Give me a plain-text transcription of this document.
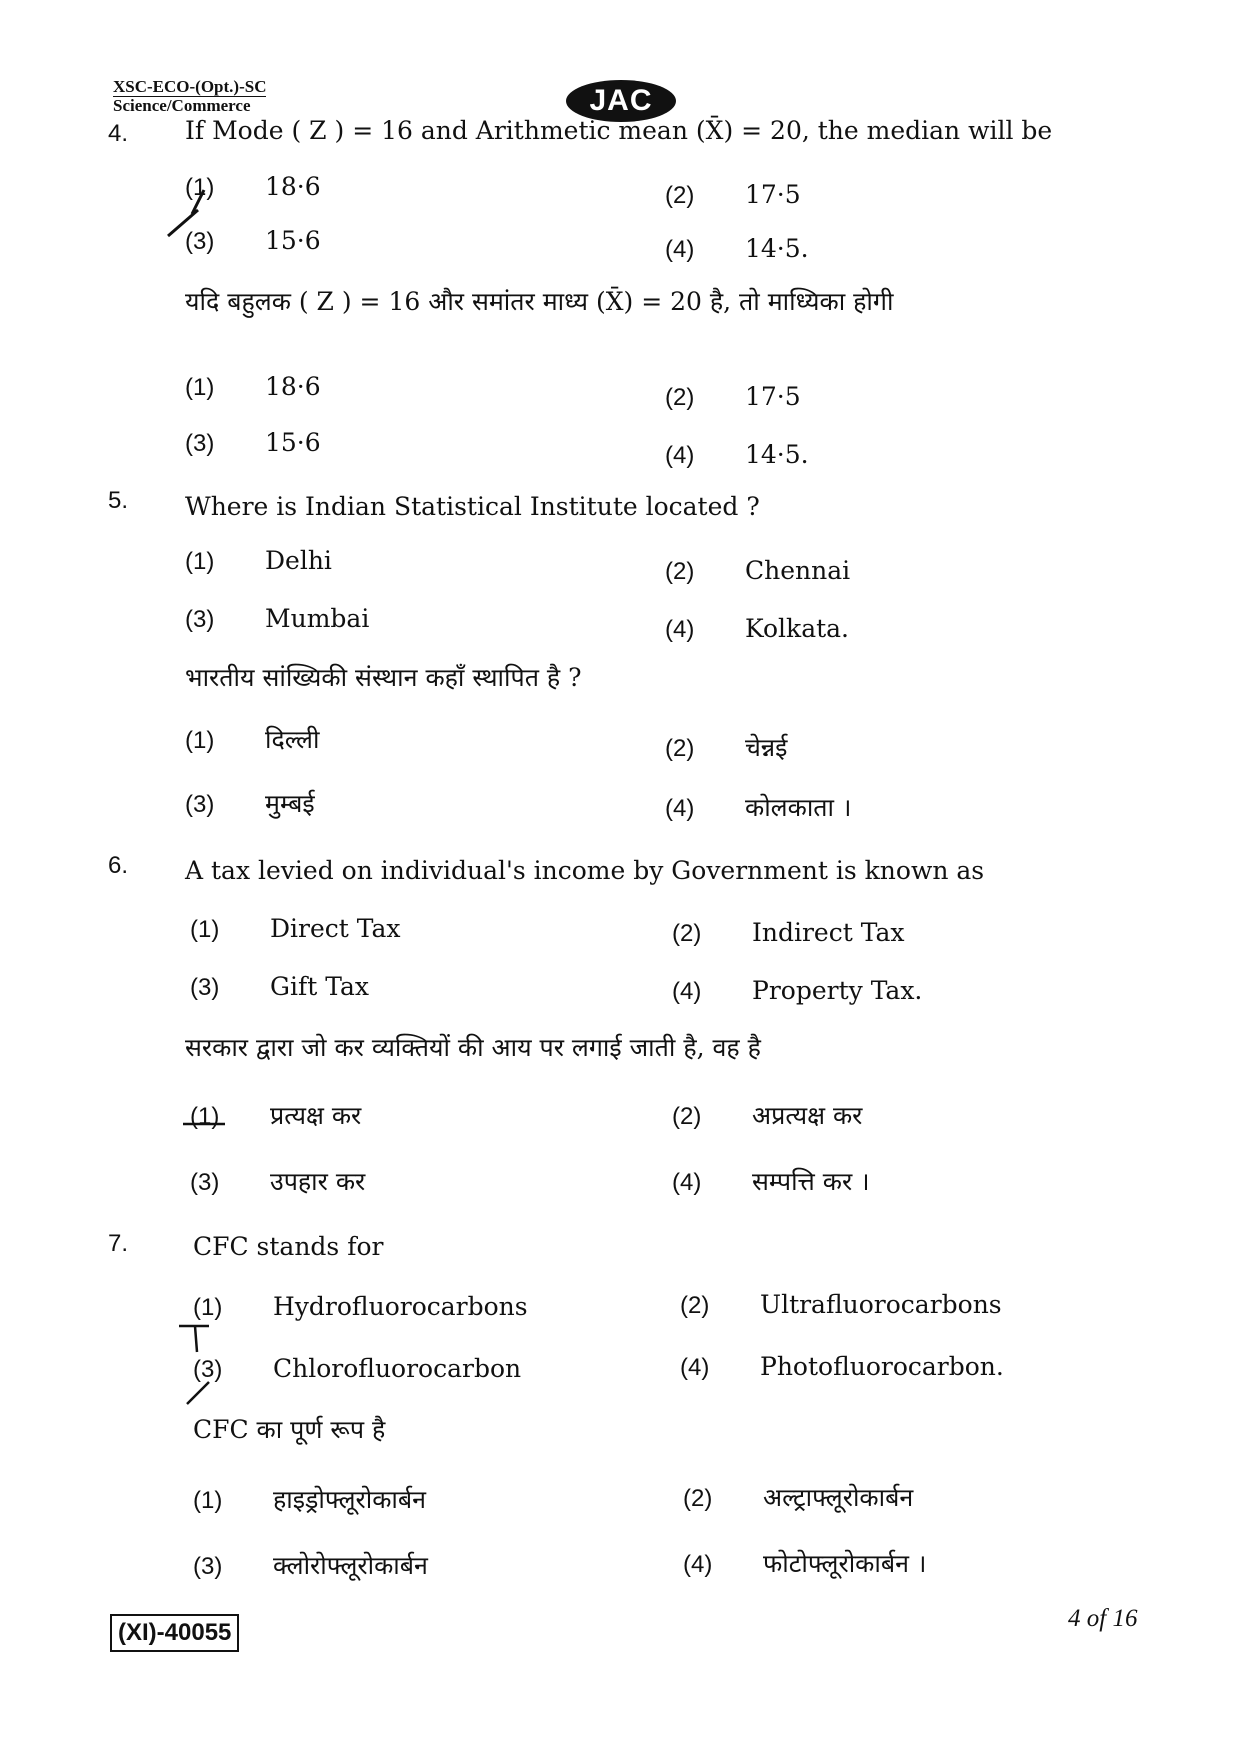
XSC-ECO-(Opt.)-SC
Science/Commerce	JAC
4. If Mode ( Z ) = 16 and Arithmetic mean (X̄) = 20, the median will be
(1) 18·6	(2) 17·5
(3) 15·6	(4) 14·5.
यदि बहुलक ( Z ) = 16 और समांतर माध्य (X̄) = 20 है, तो माध्यिका होगी
(1) 18·6	(2) 17·5
(3) 15·6	(4) 14·5.
5. Where is Indian Statistical Institute located ?
(1) Delhi	(2) Chennai
(3) Mumbai	(4) Kolkata.
भारतीय सांख्यिकी संस्थान कहाँ स्थापित है ?
(1) दिल्ली	(2) चेन्नई
(3) मुम्बई	(4) कोलकाता ।
6. A tax levied on individual's income by Government is known as
(1) Direct Tax	(2) Indirect Tax
(3) Gift Tax	(4) Property Tax.
सरकार द्वारा जो कर व्यक्तियों की आय पर लगाई जाती है, वह है
(1) प्रत्यक्ष कर	(2) अप्रत्यक्ष कर
(3) उपहार कर	(4) सम्पत्ति कर ।
7.	CFC stands for
(1) Hydrofluorocarbons	(2) Ultrafluorocarbons
(3) Chlorofluorocarbon	(4) Photofluorocarbon.
CFC का पूर्ण रूप है
(1) हाइड्रोफ्लूरोकार्बन	(2) अल्ट्राफ्लूरोकार्बन
(3) क्लोरोफ्लूरोकार्बन	(4) फोटोफ्लूरोकार्बन ।
(XI)-40055
4 of 16
